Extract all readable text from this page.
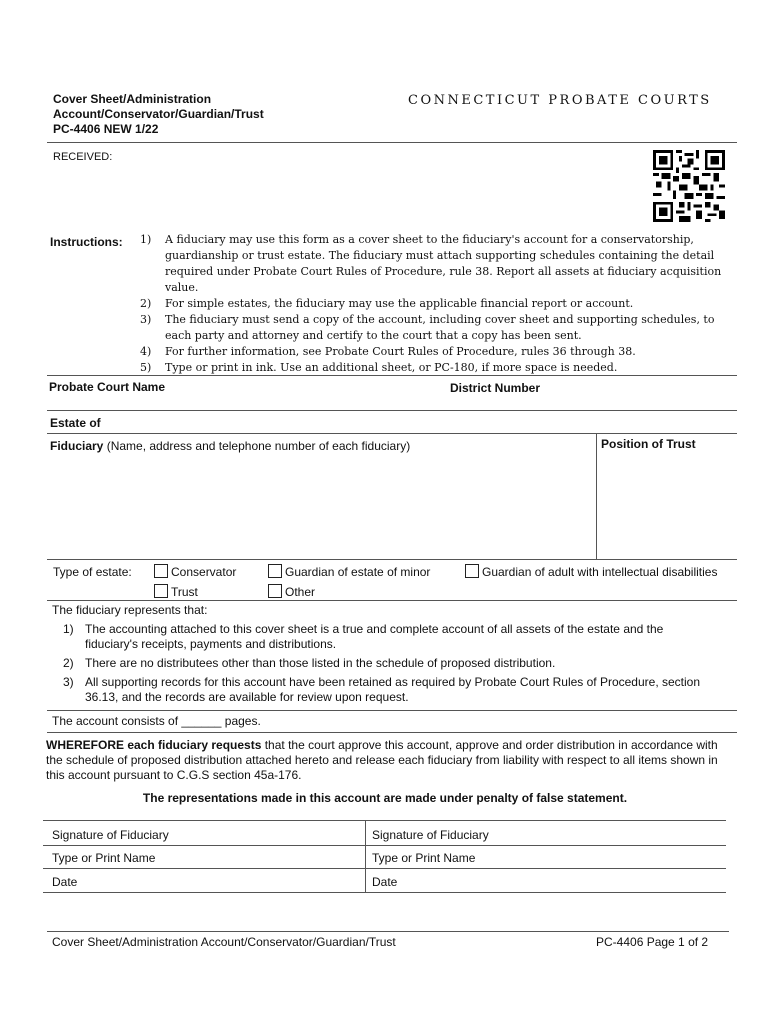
Cover Sheet/Administration
Account/Conservator/Guardian/Trust
PC-4406 NEW 1/22
CONNECTICUT PROBATE COURTS
RECEIVED:
Instructions: 1)	A fiduciary may use this form as a cover sheet to the fiduciary's account for a conservatorship, guardianship or trust estate. The fiduciary must attach supporting schedules containing the detail required under Probate Court Rules of Procedure, rule 38. Report all assets at fiduciary acquisition value.
2)	For simple estates, the fiduciary may use the applicable financial report or account.
3)	The fiduciary must send a copy of the account, including cover sheet and supporting schedules, to each party and attorney and certify to the court that a copy has been sent.
4)	For further information, see Probate Court Rules of Procedure, rules 36 through 38.
5)	Type or print in ink. Use an additional sheet, or PC-180, if more space is needed.
Probate Court Name	District Number
Estate of
Fiduciary (Name, address and telephone number of each fiduciary)	Position of Trust
Type of estate:	Conservator	Guardian of estate of minor	Guardian of adult with intellectual disabilities
Trust	Other
The fiduciary represents that:
1) The accounting attached to this cover sheet is a true and complete account of all assets of the estate and the fiduciary's receipts, payments and distributions.
2) There are no distributees other than those listed in the schedule of proposed distribution.
3) All supporting records for this account have been retained as required by Probate Court Rules of Procedure, section 36.13, and the records are available for review upon request.
The account consists of ______ pages.
WHEREFORE each fiduciary requests that the court approve this account, approve and order distribution in accordance with the schedule of proposed distribution attached hereto and release each fiduciary from liability with respect to all items shown in this account pursuant to C.G.S section 45a-176.
The representations made in this account are made under penalty of false statement.
Signature of Fiduciary	Signature of Fiduciary
Type or Print Name	Type or Print Name
Date	Date
Cover Sheet/Administration Account/Conservator/Guardian/Trust	PC-4406 Page 1 of 2
